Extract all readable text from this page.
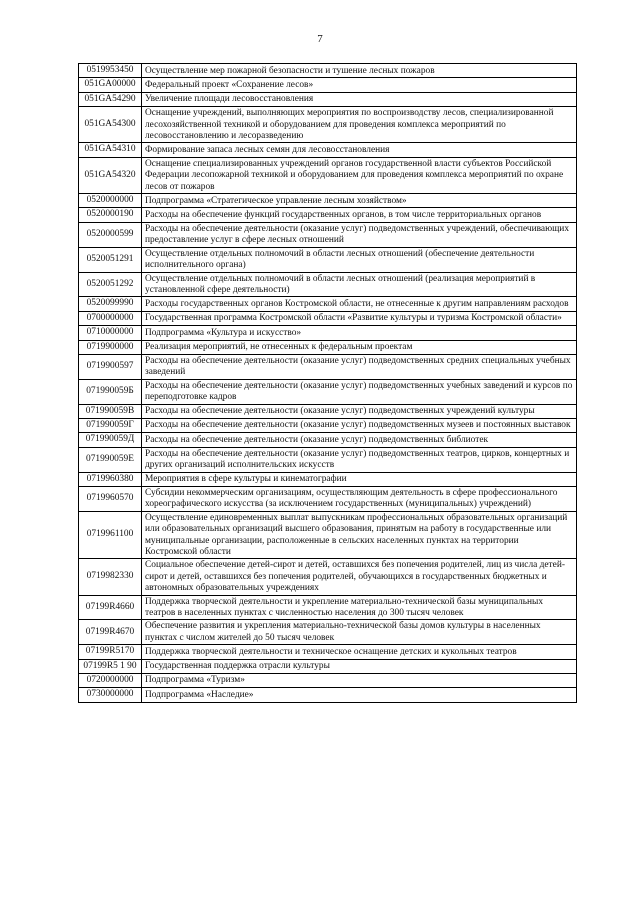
7
0519953450	Осуществление мер пожарной безопасности и тушение лесных пожаров
051GA00000	Федеральный проект «Сохранение лесов»
051GA54290	Увеличение площади лесовосстановления
051GA54300	Оснащение учреждений, выполняющих мероприятия по воспроизводству лесов, специализированной лесохозяйственной техникой и оборудованием для проведения комплекса мероприятий по лесовосстановлению и лесоразведению
051GA54310	Формирование запаса лесных семян для лесовосстановления
051GA54320	Оснащение специализированных учреждений органов государственной власти субъектов Российской Федерации лесопожарной техникой и оборудованием для проведения комплекса мероприятий по охране лесов от пожаров
0520000000	Подпрограмма «Стратегическое управление лесным хозяйством»
0520000190	Расходы на обеспечение функций государственных органов, в том числе территориальных органов
0520000599	Расходы на обеспечение деятельности (оказание услуг) подведомственных учреждений, обеспечивающих предоставление услуг в сфере лесных отношений
0520051291	Осуществление отдельных полномочий в области лесных отношений (обеспечение деятельности исполнительного органа)
0520051292	Осуществление отдельных полномочий в области лесных отношений (реализация мероприятий в установленной сфере деятельности)
0520099990	Расходы государственных органов Костромской области, не отнесенные к другим направлениям расходов
0700000000	Государственная программа Костромской области «Развитие культуры и туризма Костромской области»
0710000000	Подпрограмма «Культура и искусство»
0719900000	Реализация мероприятий, не отнесенных к федеральным проектам
0719900597	Расходы на обеспечение деятельности (оказание услуг) подведомственных средних специальных учебных заведений
071990059Б	Расходы на обеспечение деятельности (оказание услуг) подведомственных учебных заведений и курсов по переподготовке кадров
071990059В	Расходы на обеспечение деятельности (оказание услуг) подведомственных учреждений культуры
071990059Г	Расходы на обеспечение деятельности (оказание услуг) подведомственных музеев и постоянных выставок
071990059Д	Расходы на обеспечение деятельности (оказание услуг) подведомственных библиотек
071990059Е	Расходы на обеспечение деятельности (оказание услуг) подведомственных театров, цирков, концертных и других организаций исполнительских искусств
0719960380	Мероприятия в сфере культуры и кинематографии
0719960570	Субсидии некоммерческим организациям, осуществляющим деятельность в сфере профессионального хореографического искусства (за исключением государственных (муниципальных) учреждений)
0719961100	Осуществление единовременных выплат выпускникам профессиональных образовательных организаций или образовательных организаций высшего образования, принятым на работу в государственные или муниципальные организации, расположенные в сельских населенных пунктах на территории Костромской области
0719982330	Социальное обеспечение детей-сирот и детей, оставшихся без попечения родителей, лиц из числа детей-сирот и детей, оставшихся без попечения родителей, обучающихся в государственных бюджетных и автономных образовательных учреждениях
07199R4660	Поддержка творческой деятельности и укрепление материально-технической базы муниципальных театров в населенных пунктах с численностью населения до 300 тысяч человек
07199R4670	Обеспечение развития и укрепления материально-технической базы домов культуры в населенных пунктах с числом жителей до 50 тысяч человек
07199R5170	Поддержка творческой деятельности и техническое оснащение детских и кукольных театров
07199R5 1 90	Государственная поддержка отрасли культуры
0720000000	Подпрограмма «Туризм»
0730000000	Подпрограмма «Наследие»
